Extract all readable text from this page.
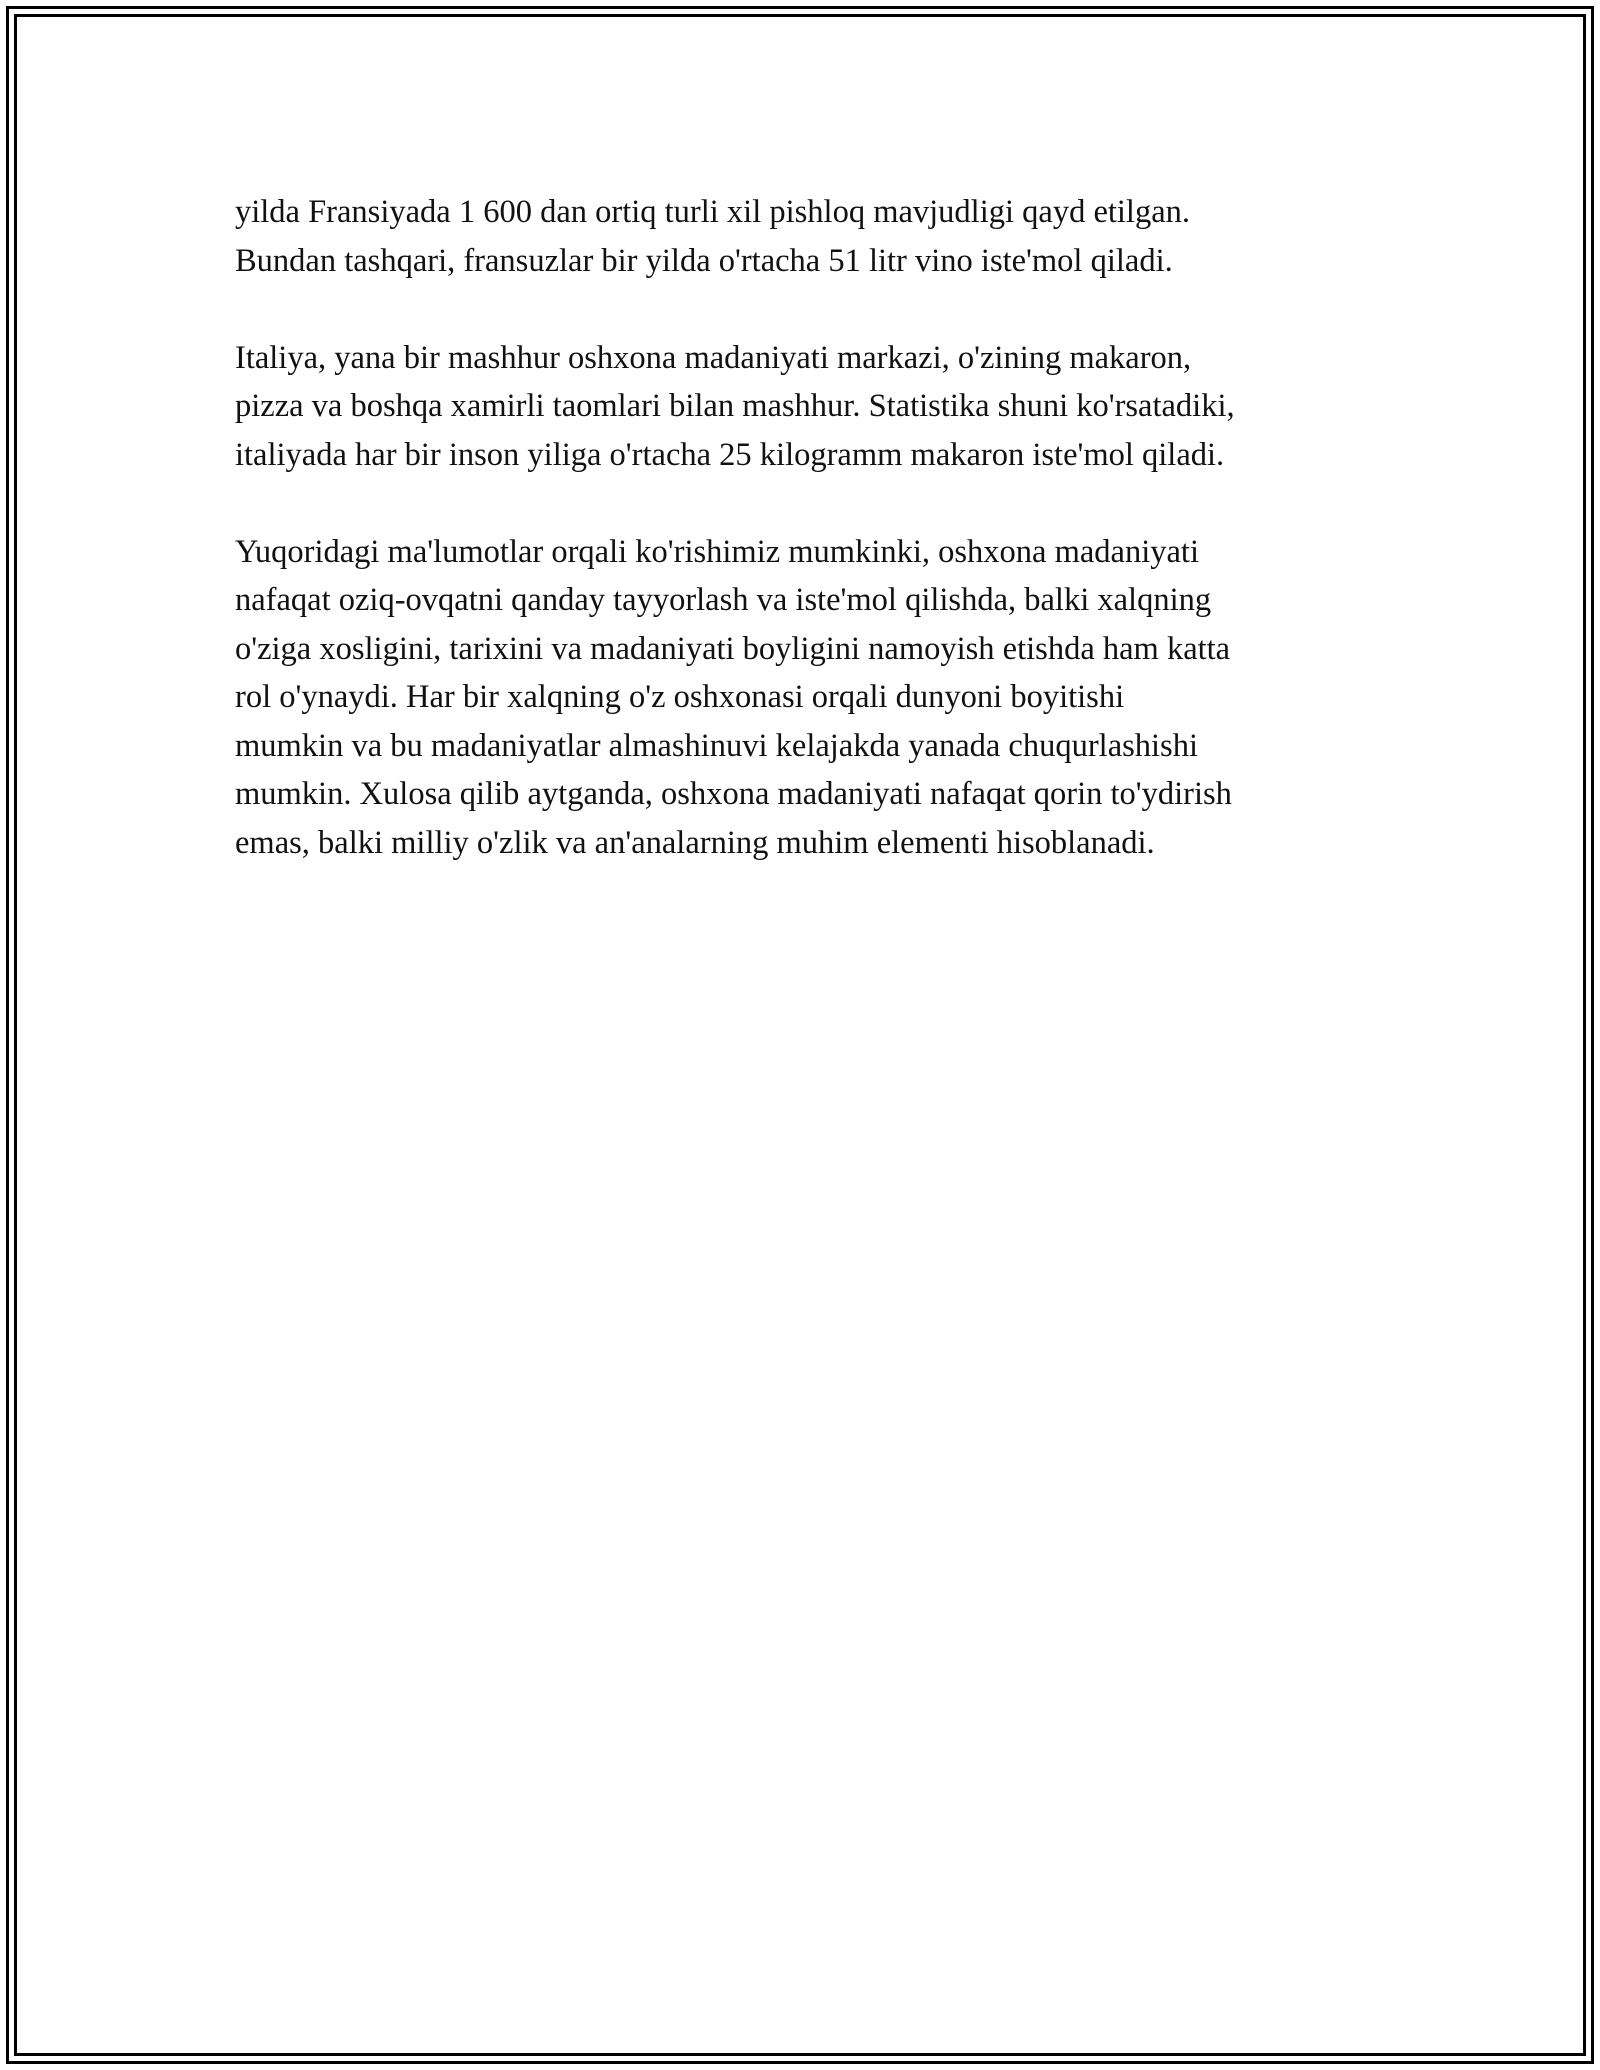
yilda Fransiyada 1 600 dan ortiq turli xil pishloq mavjudligi qayd etilgan.
Bundan tashqari, fransuzlar bir yilda o'rtacha 51 litr vino iste'mol qiladi.

Italiya, yana bir mashhur oshxona madaniyati markazi, o'zining makaron,
pizza va boshqa xamirli taomlari bilan mashhur. Statistika shuni ko'rsatadiki,
italiyada har bir inson yiliga o'rtacha 25 kilogramm makaron iste'mol qiladi.

Yuqoridagi ma'lumotlar orqali ko'rishimiz mumkinki, oshxona madaniyati
nafaqat oziq-ovqatni qanday tayyorlash va iste'mol qilishda, balki xalqning
o'ziga xosligini, tarixini va madaniyati boyligini namoyish etishda ham katta
rol o'ynaydi. Har bir xalqning o'z oshxonasi orqali dunyoni boyitishi
mumkin va bu madaniyatlar almashinuvi kelajakda yanada chuqurlashishi
mumkin. Xulosa qilib aytganda, oshxona madaniyati nafaqat qorin to'ydirish
emas, balki milliy o'zlik va an'analarning muhim elementi hisoblanadi.
